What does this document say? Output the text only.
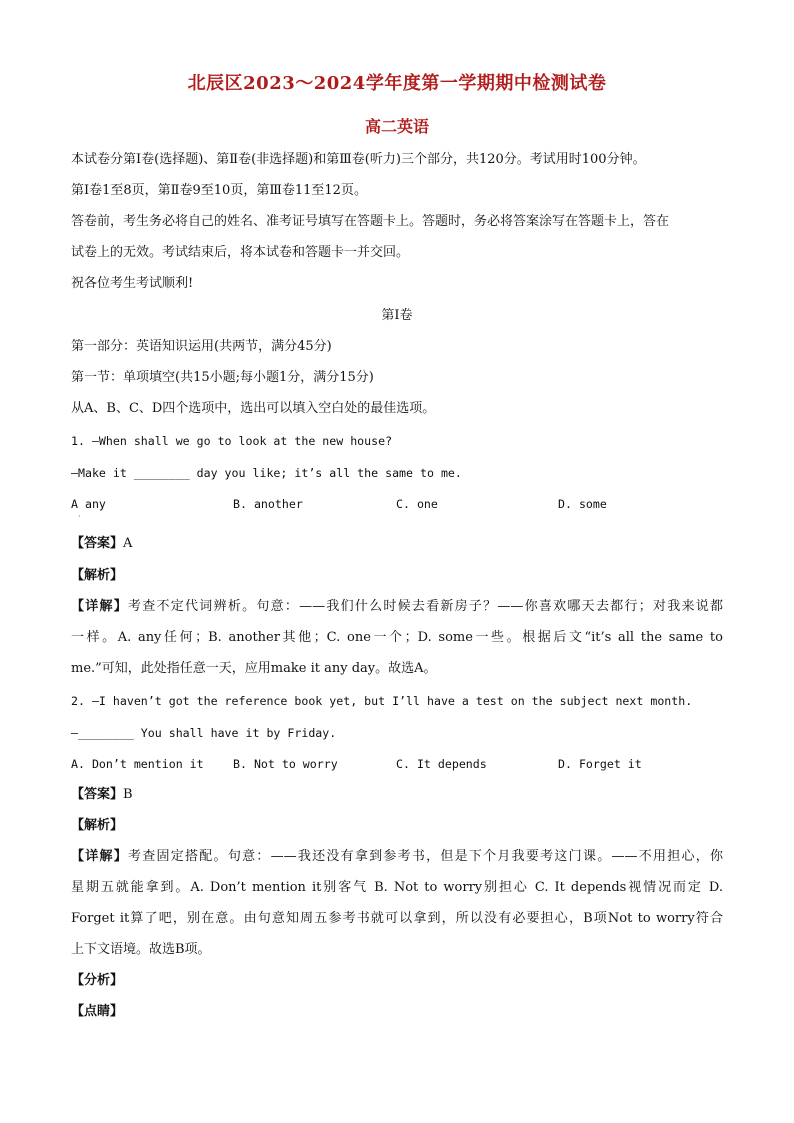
北辰区2023～2024学年度第一学期期中检测试卷
高二英语
本试卷分第Ⅰ卷(选择题)、第Ⅱ卷(非选择题)和第Ⅲ卷(听力)三个部分，共120分。考试用时100分钟。
第Ⅰ卷1至8页，第Ⅱ卷9至10页，第Ⅲ卷11至12页。
答卷前，考生务必将自己的姓名、准考证号填写在答题卡上。答题时，务必将答案涂写在答题卡上，答在
试卷上的无效。考试结束后，将本试卷和答题卡一并交回。
祝各位考生考试顺利!
第Ⅰ卷
第一部分：英语知识运用(共两节，满分45分)
第一节：单项填空(共15小题;每小题1分，满分15分)
从A、B、C、D四个选项中，选出可以填入空白处的最佳选项。
1. —When shall we go to look at the new house?
—Make it ________ day you like; it’s all the same to me.
A any	B. another	C. one	D. some
·
【答案】A
【解析】
【详解】考查不定代词辨析。句意：——我们什么时候去看新房子？——你喜欢哪天去都行；对我来说都
一样。A. any任何；B. another其他；C. one一个；D. some一些。根据后文“it’s all the same to
me.”可知，此处指任意一天，应用make it any day。故选A。
2. —I haven’t got the reference book yet, but I’ll have a test on the subject next month.
—________ You shall have it by Friday.
A. Don’t mention it	B. Not to worry	C. It depends	D. Forget it
【答案】B
【解析】
【详解】考查固定搭配。句意：——我还没有拿到参考书，但是下个月我要考这门课。——不用担心，你
星期五就能拿到。A. Don’t mention it别客气 B. Not to worry别担心 C. It depends视情况而定 D.
Forget it算了吧，别在意。由句意知周五参考书就可以拿到，所以没有必要担心，B项Not to worry符合
上下文语境。故选B项。
【分析】
【点睛】
